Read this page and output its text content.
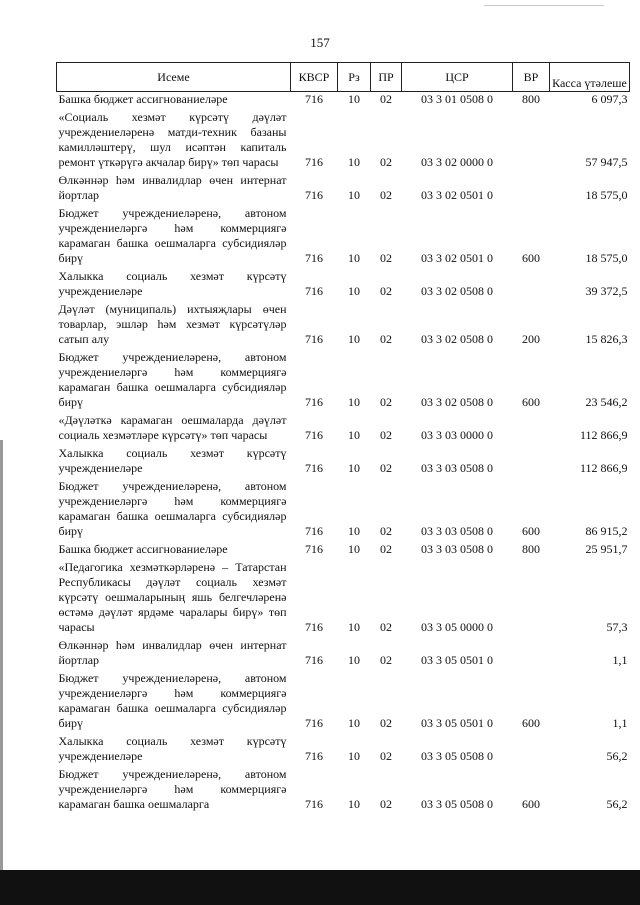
157
Исеме	КВСР	Рз	ПР	ЦСР	ВР	Касса үтәлеше
Башка бюджет ассигнованиеләре	716	10	02	03 3 01 0508 0	800	6 097,3
«Социаль хезмәт күрсәтү дәүләт учреждениеләренә матди-техник базаны камилләштерү, шул исәптән капиталь ремонт үткәрүгә акчалар бирү» төп чарасы	716	10	02	03 3 02 0000 0		57 947,5
Өлкәннәр һәм инвалидлар өчен интернат йортлар	716	10	02	03 3 02 0501 0		18 575,0
Бюджет учреждениеләренә, автоном учреждениеләргә һәм коммерциягә карамаган башка оешмаларга субсидияләр бирү	716	10	02	03 3 02 0501 0	600	18 575,0
Халыкка социаль хезмәт күрсәтү учреждениеләре	716	10	02	03 3 02 0508 0		39 372,5
Дәүләт (муниципаль) ихтыяҗлары өчен товарлар, эшләр һәм хезмәт күрсәтүләр сатып алу	716	10	02	03 3 02 0508 0	200	15 826,3
Бюджет учреждениеләренә, автоном учреждениеләргә һәм коммерциягә карамаган башка оешмаларга субсидияләр бирү	716	10	02	03 3 02 0508 0	600	23 546,2
«Дәүләткә карамаган оешмаларда дәүләт социаль хезмәтләре күрсәтү» төп чарасы	716	10	02	03 3 03 0000 0		112 866,9
Халыкка социаль хезмәт күрсәтү учреждениеләре	716	10	02	03 3 03 0508 0		112 866,9
Бюджет учреждениеләренә, автоном учреждениеләргә һәм коммерциягә карамаган башка оешмаларга субсидияләр бирү	716	10	02	03 3 03 0508 0	600	86 915,2
Башка бюджет ассигнованиеләре	716	10	02	03 3 03 0508 0	800	25 951,7
«Педагогика хезмәткәрләренә – Татарстан Республикасы дәүләт социаль хезмәт күрсәтү оешмаларының яшь белгечләренә өстәмә дәүләт ярдәме чаралары бирү» төп чарасы	716	10	02	03 3 05 0000 0		57,3
Өлкәннәр һәм инвалидлар өчен интернат йортлар	716	10	02	03 3 05 0501 0		1,1
Бюджет учреждениеләренә, автоном учреждениеләргә һәм коммерциягә карамаган башка оешмаларга субсидияләр бирү	716	10	02	03 3 05 0501 0	600	1,1
Халыкка социаль хезмәт күрсәтү учреждениеләре	716	10	02	03 3 05 0508 0		56,2
Бюджет учреждениеләренә, автоном учреждениеләргә һәм коммерциягә карамаган башка оешмаларга	716	10	02	03 3 05 0508 0	600	56,2
